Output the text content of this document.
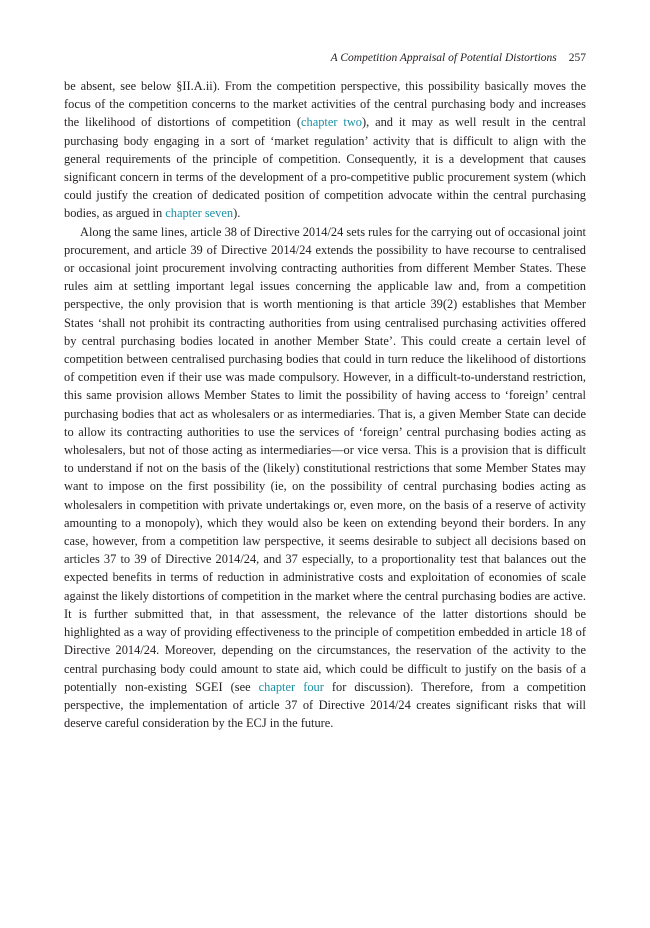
A Competition Appraisal of Potential Distortions 257

be absent, see below §II.A.ii). From the competition perspective, this possibility basically moves the focus of the competition concerns to the market activities of the central purchasing body and increases the likelihood of distortions of competition (chapter two), and it may as well result in the central purchasing body engaging in a sort of ‘market regulation’ activity that is difficult to align with the general requirements of the principle of competition. Consequently, it is a development that causes significant concern in terms of the development of a pro-competitive public procurement system (which could justify the creation of dedicated position of competition advocate within the central purchasing bodies, as argued in chapter seven).

Along the same lines, article 38 of Directive 2014/24 sets rules for the carrying out of occasional joint procurement, and article 39 of Directive 2014/24 extends the possibility to have recourse to centralised or occasional joint procurement involving contracting authorities from different Member States. These rules aim at settling important legal issues concerning the applicable law and, from a competition perspective, the only provision that is worth mentioning is that article 39(2) establishes that Member States ‘shall not prohibit its contracting authorities from using centralised purchasing activities offered by central purchasing bodies located in another Member State’. This could create a certain level of competition between centralised purchasing bodies that could in turn reduce the likelihood of distortions of competition even if their use was made compulsory. However, in a difficult-to-understand restriction, this same provision allows Member States to limit the possibility of having access to ‘foreign’ central purchasing bodies that act as wholesalers or as intermediaries. That is, a given Member State can decide to allow its contracting authorities to use the services of ‘foreign’ central purchasing bodies acting as wholesalers, but not of those acting as intermediaries—or vice versa. This is a provision that is difficult to understand if not on the basis of the (likely) constitutional restrictions that some Member States may want to impose on the first possibility (ie, on the possibility of central purchasing bodies acting as wholesalers in competition with private undertakings or, even more, on the basis of a reserve of activity amounting to a monopoly), which they would also be keen on extending beyond their borders. In any case, however, from a competition law perspective, it seems desirable to subject all decisions based on articles 37 to 39 of Directive 2014/24, and 37 especially, to a proportionality test that balances out the expected benefits in terms of reduction in administrative costs and exploitation of economies of scale against the likely distortions of competition in the market where the central purchasing bodies are active. It is further submitted that, in that assessment, the relevance of the latter distortions should be highlighted as a way of providing effectiveness to the principle of competition embedded in article 18 of Directive 2014/24. Moreover, depending on the circumstances, the reservation of the activity to the central purchasing body could amount to state aid, which could be difficult to justify on the basis of a potentially non-existing SGEI (see chapter four for discussion). Therefore, from a competition perspective, the implementation of article 37 of Directive 2014/24 creates significant risks that will deserve careful consideration by the ECJ in the future.
